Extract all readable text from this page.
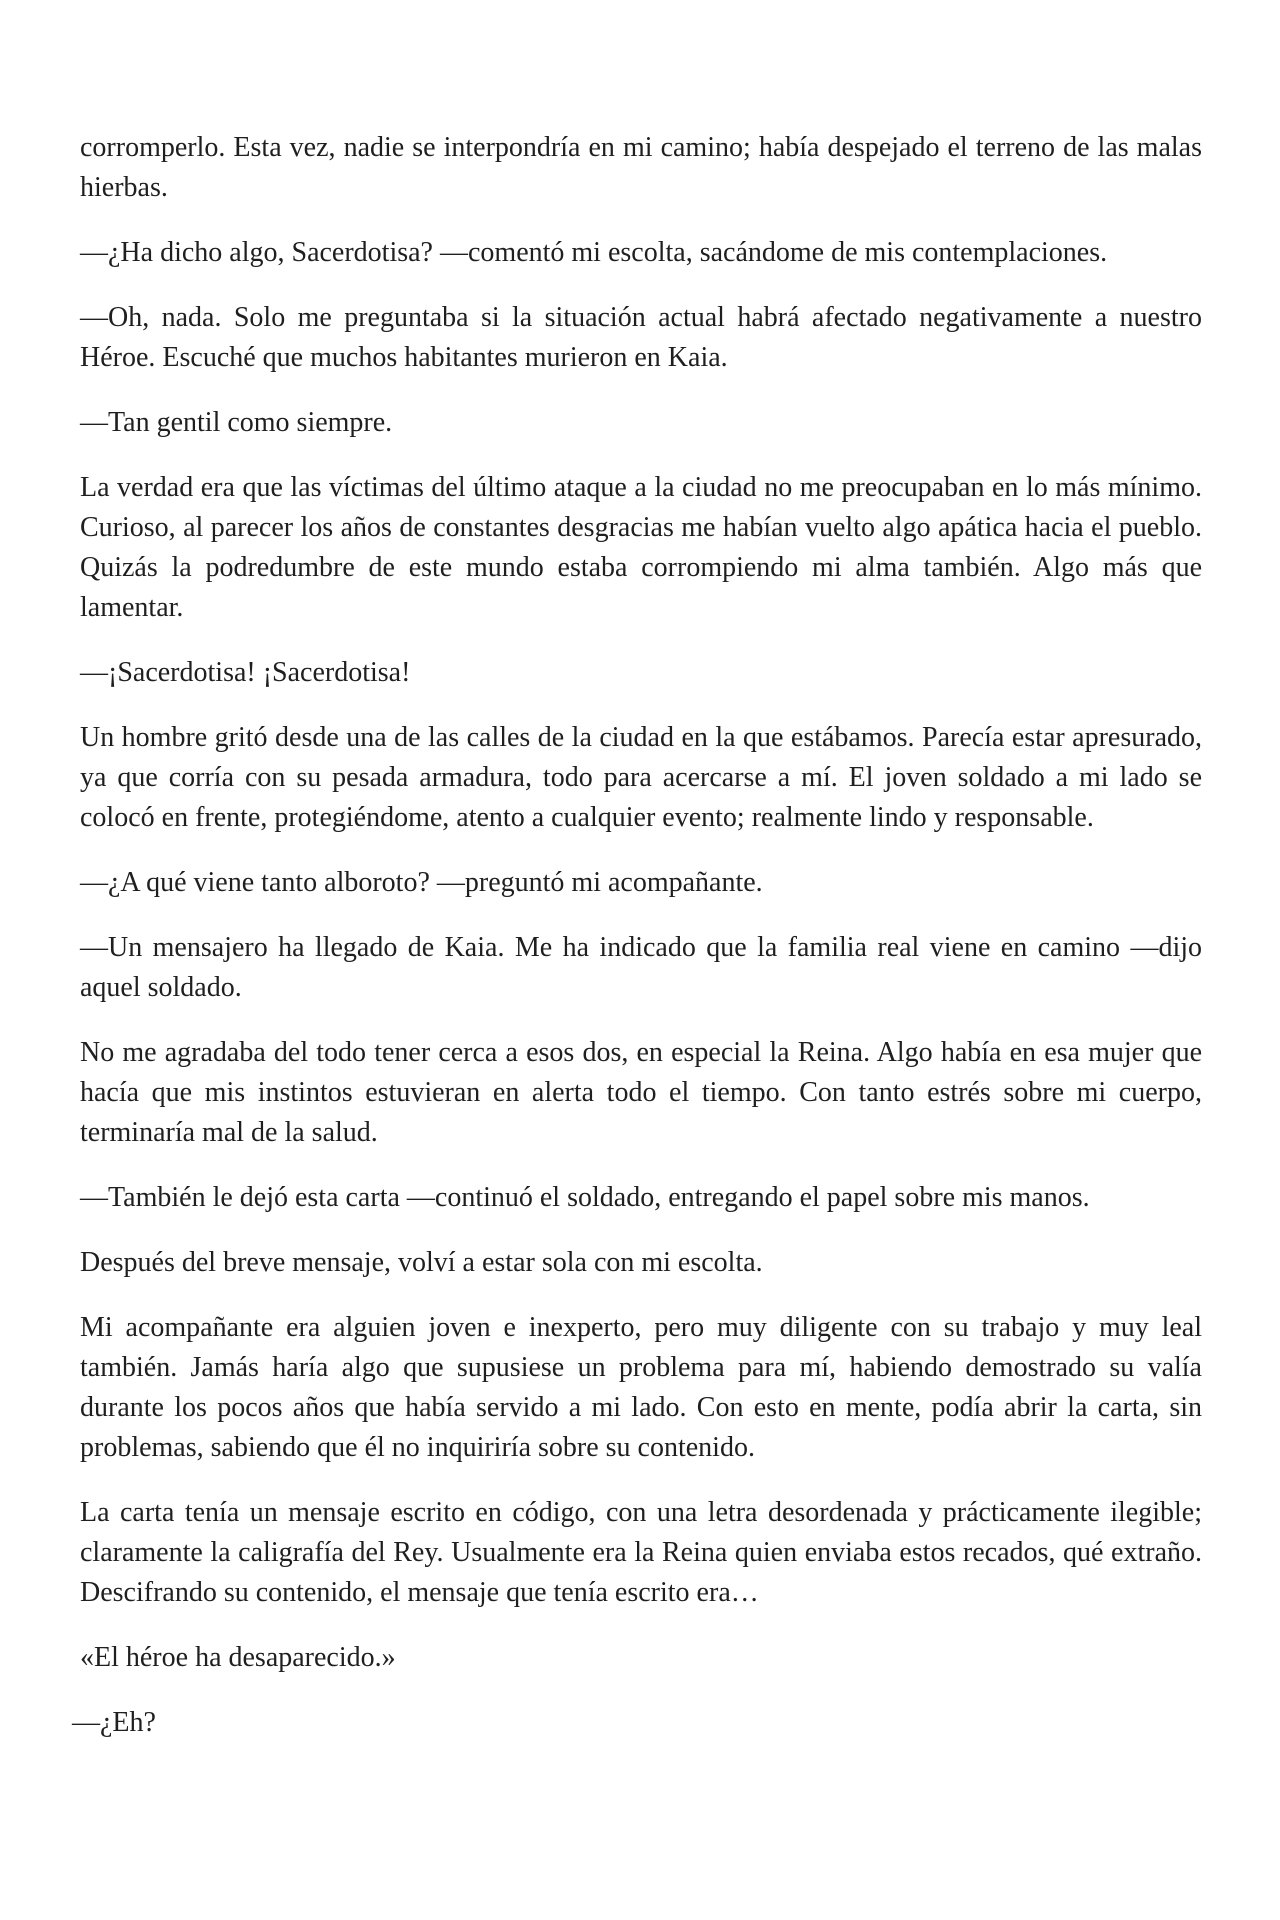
corromperlo. Esta vez, nadie se interpondría en mi camino; había despejado el terreno de las malas hierbas.

—¿Ha dicho algo, Sacerdotisa? —comentó mi escolta, sacándome de mis contemplaciones.

—Oh, nada. Solo me preguntaba si la situación actual habrá afectado negativamente a nuestro Héroe. Escuché que muchos habitantes murieron en Kaia.

—Tan gentil como siempre.

La verdad era que las víctimas del último ataque a la ciudad no me preocupaban en lo más mínimo. Curioso, al parecer los años de constantes desgracias me habían vuelto algo apática hacia el pueblo. Quizás la podredumbre de este mundo estaba corrompiendo mi alma también. Algo más que lamentar.

—¡Sacerdotisa! ¡Sacerdotisa!

Un hombre gritó desde una de las calles de la ciudad en la que estábamos. Parecía estar apresurado, ya que corría con su pesada armadura, todo para acercarse a mí. El joven soldado a mi lado se colocó en frente, protegiéndome, atento a cualquier evento; realmente lindo y responsable.

—¿A qué viene tanto alboroto? —preguntó mi acompañante.

—Un mensajero ha llegado de Kaia. Me ha indicado que la familia real viene en camino —dijo aquel soldado.

No me agradaba del todo tener cerca a esos dos, en especial la Reina. Algo había en esa mujer que hacía que mis instintos estuvieran en alerta todo el tiempo. Con tanto estrés sobre mi cuerpo, terminaría mal de la salud.

—También le dejó esta carta —continuó el soldado, entregando el papel sobre mis manos.

Después del breve mensaje, volví a estar sola con mi escolta.

Mi acompañante era alguien joven e inexperto, pero muy diligente con su trabajo y muy leal también. Jamás haría algo que supusiese un problema para mí, habiendo demostrado su valía durante los pocos años que había servido a mi lado. Con esto en mente, podía abrir la carta, sin problemas, sabiendo que él no inquiriría sobre su contenido.

La carta tenía un mensaje escrito en código, con una letra desordenada y prácticamente ilegible; claramente la caligrafía del Rey. Usualmente era la Reina quien enviaba estos recados, qué extraño. Descifrando su contenido, el mensaje que tenía escrito era…

«El héroe ha desaparecido.»

—¿Eh?
